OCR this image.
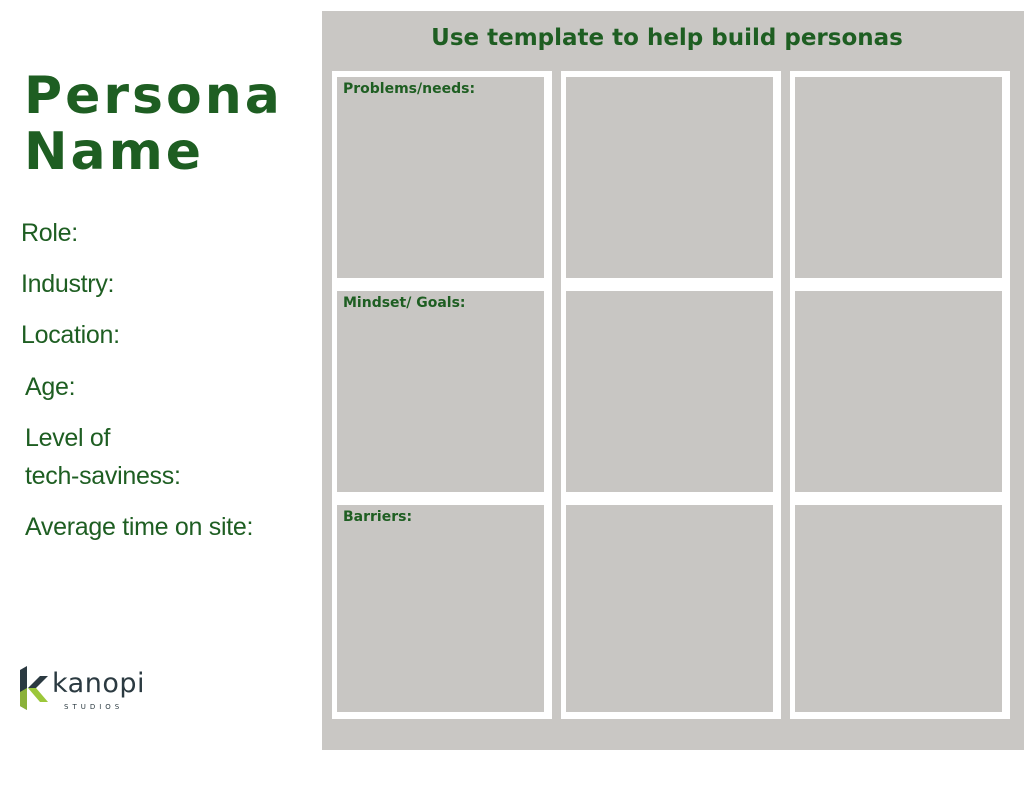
Persona
Name
Role:
Industry:
Location:
Age:
Level of
tech-saviness:
Average time on site:
kanopi
STUDIOS
Use template to help build personas
Problems/needs:
Mindset/ Goals:
Barriers:
